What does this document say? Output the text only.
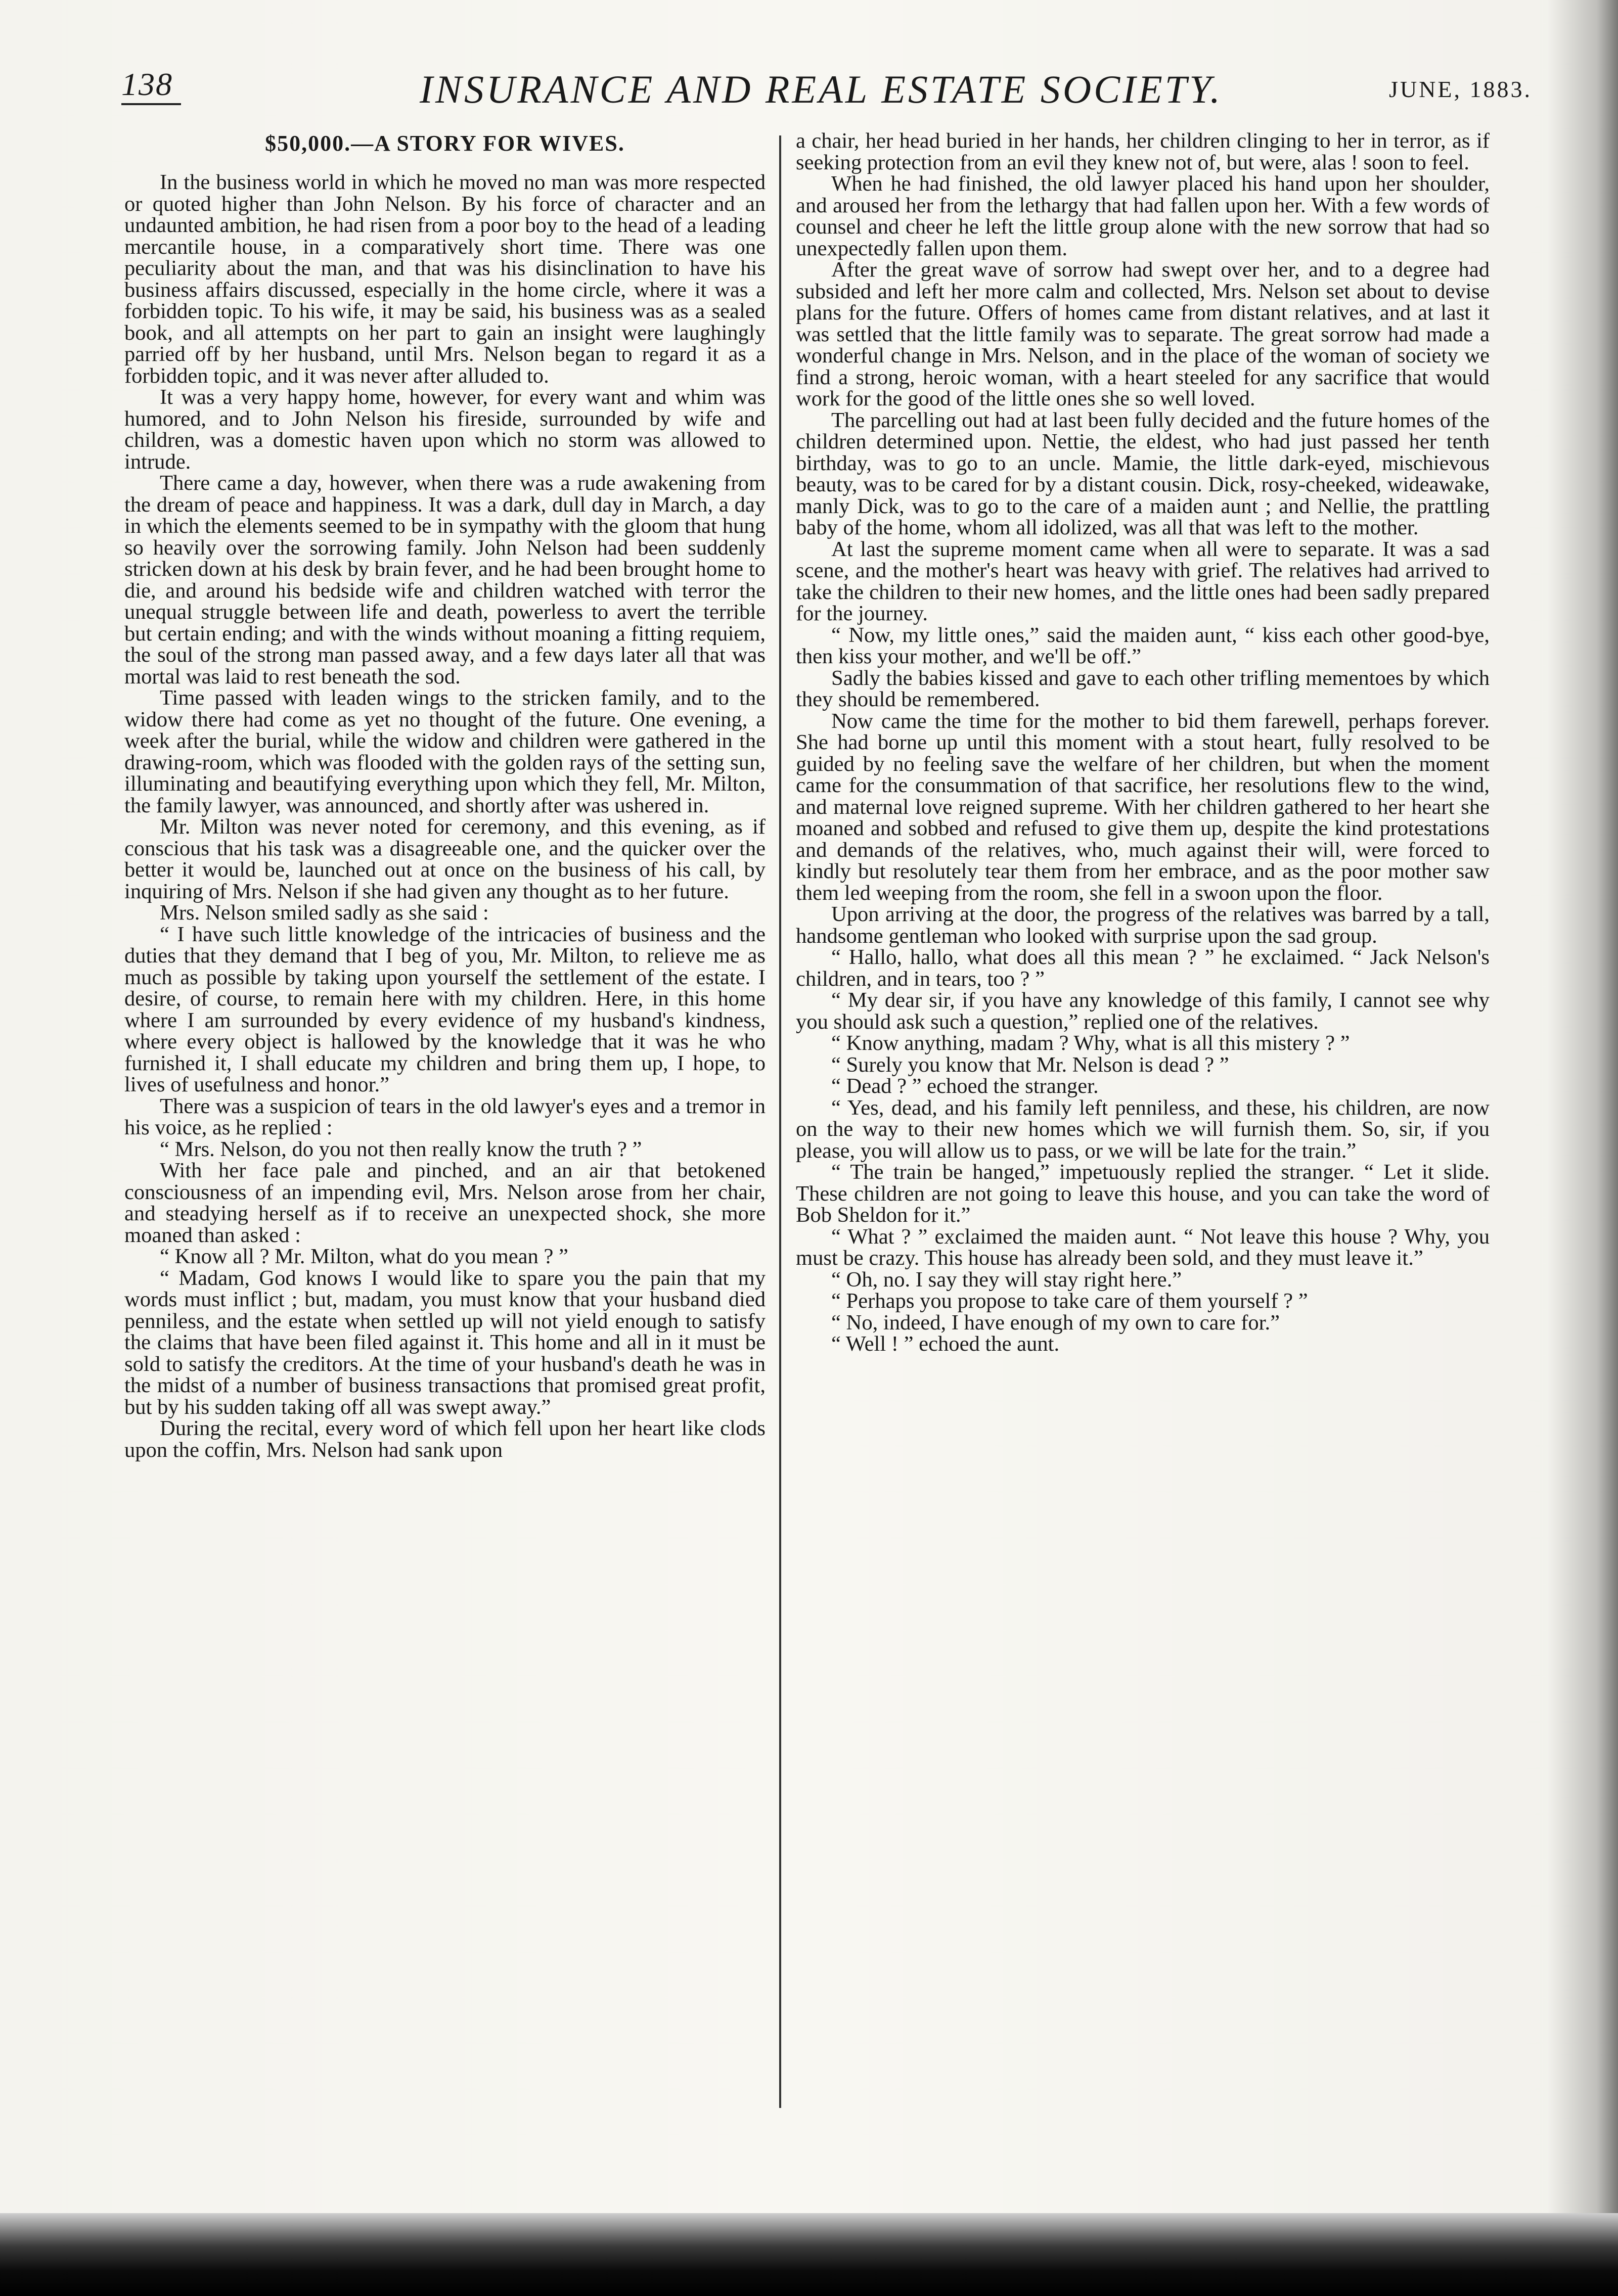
138	INSURANCE AND REAL ESTATE SOCIETY.	JUNE, 1883.
$50,000.—A STORY FOR WIVES.

In the business world in which he moved no man was more respected or quoted higher than John Nelson. By his force of character and an undaunted ambition, he had risen from a poor boy to the head of a leading mercantile house, in a comparatively short time. There was one peculiarity about the man, and that was his disinclination to have his business affairs discussed, especially in the home circle, where it was a forbidden topic. To his wife, it may be said, his business was as a sealed book, and all attempts on her part to gain an insight were laughingly parried off by her husband, until Mrs. Nelson began to regard it as a forbidden topic, and it was never after alluded to.

It was a very happy home, however, for every want and whim was humored, and to John Nelson his fireside, surrounded by wife and children, was a domestic haven upon which no storm was allowed to intrude.

There came a day, however, when there was a rude awakening from the dream of peace and happiness. It was a dark, dull day in March, a day in which the elements seemed to be in sympathy with the gloom that hung so heavily over the sorrowing family. John Nelson had been suddenly stricken down at his desk by brain fever, and he had been brought home to die, and around his bedside wife and children watched with terror the unequal struggle between life and death, powerless to avert the terrible but certain ending; and with the winds without moaning a fitting requiem, the soul of the strong man passed away, and a few days later all that was mortal was laid to rest beneath the sod.

Time passed with leaden wings to the stricken family, and to the widow there had come as yet no thought of the future. One evening, a week after the burial, while the widow and children were gathered in the drawing-room, which was flooded with the golden rays of the setting sun, illuminating and beautifying everything upon which they fell, Mr. Milton, the family lawyer, was announced, and shortly after was ushered in.

Mr. Milton was never noted for ceremony, and this evening, as if conscious that his task was a disagreeable one, and the quicker over the better it would be, launched out at once on the business of his call, by inquiring of Mrs. Nelson if she had given any thought as to her future.

Mrs. Nelson smiled sadly as she said :

“ I have such little knowledge of the intricacies of business and the duties that they demand that I beg of you, Mr. Milton, to relieve me as much as possible by taking upon yourself the settlement of the estate. I desire, of course, to remain here with my children. Here, in this home where I am surrounded by every evidence of my husband's kindness, where every object is hallowed by the knowledge that it was he who furnished it, I shall educate my children and bring them up, I hope, to lives of usefulness and honor.”

There was a suspicion of tears in the old lawyer's eyes and a tremor in his voice, as he replied :

“ Mrs. Nelson, do you not then really know the truth ? ”

With her face pale and pinched, and an air that betokened consciousness of an impending evil, Mrs. Nelson arose from her chair, and steadying herself as if to receive an unexpected shock, she more moaned than asked :

“ Know all ? Mr. Milton, what do you mean ? ”

“ Madam, God knows I would like to spare you the pain that my words must inflict ; but, madam, you must know that your husband died penniless, and the estate when settled up will not yield enough to satisfy the claims that have been filed against it. This home and all in it must be sold to satisfy the creditors. At the time of your husband's death he was in the midst of a number of business transactions that promised great profit, but by his sudden taking off all was swept away.”

During the recital, every word of which fell upon her heart like clods upon the coffin, Mrs. Nelson had sank upon

a chair, her head buried in her hands, her children clinging to her in terror, as if seeking protection from an evil they knew not of, but were, alas ! soon to feel.

When he had finished, the old lawyer placed his hand upon her shoulder, and aroused her from the lethargy that had fallen upon her. With a few words of counsel and cheer he left the little group alone with the new sorrow that had so unexpectedly fallen upon them.

After the great wave of sorrow had swept over her, and to a degree had subsided and left her more calm and collected, Mrs. Nelson set about to devise plans for the future. Offers of homes came from distant relatives, and at last it was settled that the little family was to separate. The great sorrow had made a wonderful change in Mrs. Nelson, and in the place of the woman of society we find a strong, heroic woman, with a heart steeled for any sacrifice that would work for the good of the little ones she so well loved.

The parcelling out had at last been fully decided and the future homes of the children determined upon. Nettie, the eldest, who had just passed her tenth birthday, was to go to an uncle. Mamie, the little dark-eyed, mischievous beauty, was to be cared for by a distant cousin. Dick, rosy-cheeked, wideawake, manly Dick, was to go to the care of a maiden aunt ; and Nellie, the prattling baby of the home, whom all idolized, was all that was left to the mother.

At last the supreme moment came when all were to separate. It was a sad scene, and the mother's heart was heavy with grief. The relatives had arrived to take the children to their new homes, and the little ones had been sadly prepared for the journey.

“ Now, my little ones,” said the maiden aunt, “ kiss each other good-bye, then kiss your mother, and we'll be off.”

Sadly the babies kissed and gave to each other trifling mementoes by which they should be remembered.

Now came the time for the mother to bid them farewell, perhaps forever. She had borne up until this moment with a stout heart, fully resolved to be guided by no feeling save the welfare of her children, but when the moment came for the consummation of that sacrifice, her resolutions flew to the wind, and maternal love reigned supreme. With her children gathered to her heart she moaned and sobbed and refused to give them up, despite the kind protestations and demands of the relatives, who, much against their will, were forced to kindly but resolutely tear them from her embrace, and as the poor mother saw them led weeping from the room, she fell in a swoon upon the floor.

Upon arriving at the door, the progress of the relatives was barred by a tall, handsome gentleman who looked with surprise upon the sad group.

“ Hallo, hallo, what does all this mean ? ” he exclaimed. “ Jack Nelson's children, and in tears, too ? ”

“ My dear sir, if you have any knowledge of this family, I cannot see why you should ask such a question,” replied one of the relatives.

“ Know anything, madam ? Why, what is all this mistery ? ”

“ Surely you know that Mr. Nelson is dead ? ”

“ Dead ? ” echoed the stranger.

“ Yes, dead, and his family left penniless, and these, his children, are now on the way to their new homes which we will furnish them. So, sir, if you please, you will allow us to pass, or we will be late for the train.”

“ The train be hanged,” impetuously replied the stranger. “ Let it slide. These children are not going to leave this house, and you can take the word of Bob Sheldon for it.”

“ What ? ” exclaimed the maiden aunt. “ Not leave this house ? Why, you must be crazy. This house has already been sold, and they must leave it.”

“ Oh, no. I say they will stay right here.”

“ Perhaps you propose to take care of them yourself ? ”

“ No, indeed, I have enough of my own to care for.”

“ Well ! ” echoed the aunt.
